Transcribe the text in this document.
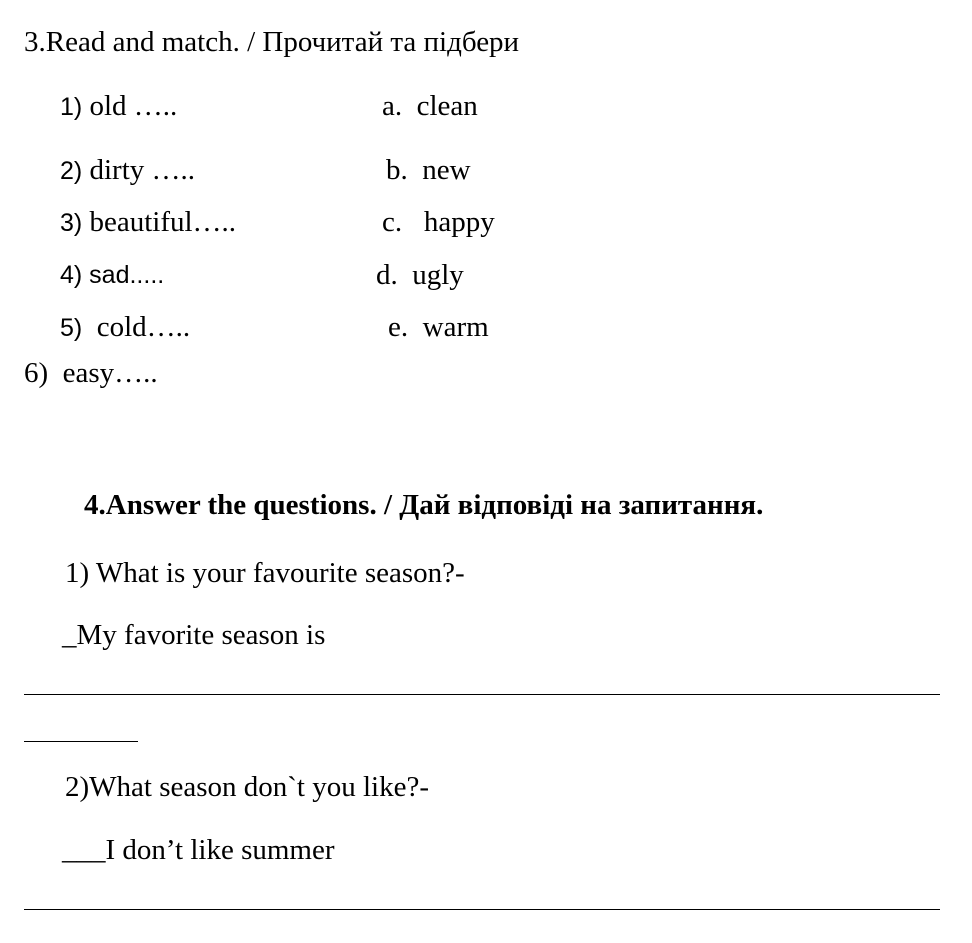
3.Read and match. / Прочитай та підбери
1) old …..
2) dirty …..
3) beautiful…..
4) sad.....
5)  cold…..
a. clean
b. new
c.   happy
d. ugly
e. warm
6)  easy…..
4.Answer the questions. / Дай відповіді на запитання.
1) What is your favourite season?-
_My favorite season is
2)What season don`t you like?-
___I don’t like summer
